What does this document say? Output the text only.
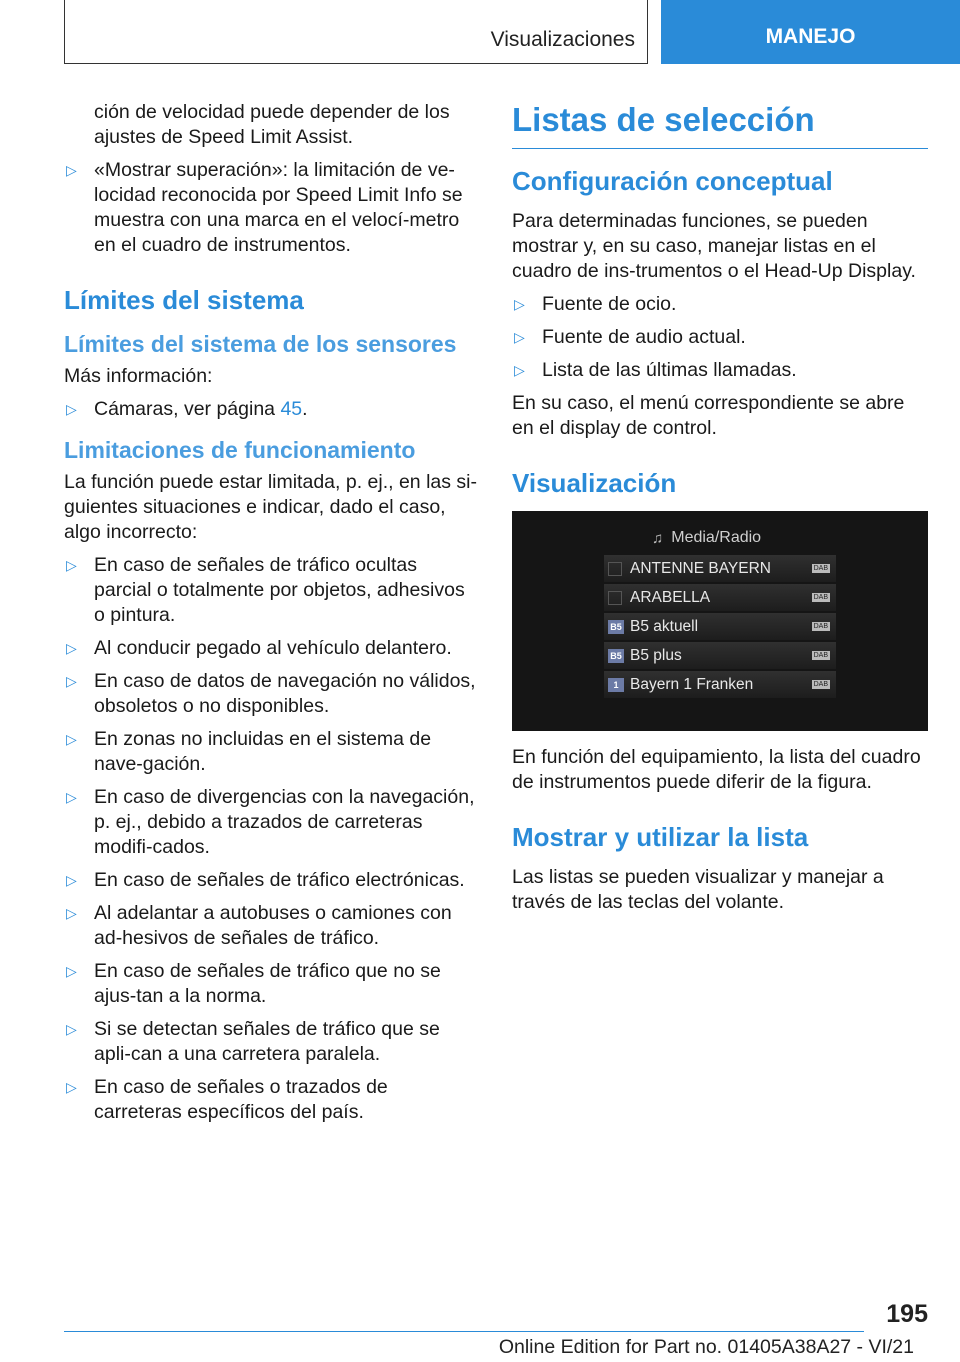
Visualizaciones	MANEJO

ción de velocidad puede depender de los ajustes de Speed Limit Assist.

▷ «Mostrar superación»: la limitación de ve-locidad reconocida por Speed Limit Info se muestra con una marca en el velocí-metro en el cuadro de instrumentos.
Límites del sistema
Límites del sistema de los sensores

Más información:

▷ Cámaras, ver página 45.
Limitaciones de funcionamiento

La función puede estar limitada, p. ej., en las si-guientes situaciones e indicar, dado el caso, algo incorrecto:

▷ En caso de señales de tráfico ocultas parcial o totalmente por objetos, adhesivos o pintura.
▷ Al conducir pegado al vehículo delantero.
▷ En caso de datos de navegación no válidos, obsoletos o no disponibles.
▷ En zonas no incluidas en el sistema de nave-gación.
▷ En caso de divergencias con la navegación, p. ej., debido a trazados de carreteras modifi-cados.
▷ En caso de señales de tráfico electrónicas.
▷ Al adelantar a autobuses o camiones con ad-hesivos de señales de tráfico.
▷ En caso de señales de tráfico que no se ajus-tan a la norma.
▷ Si se detectan señales de tráfico que se apli-can a una carretera paralela.
▷ En caso de señales o trazados de carreteras específicos del país.
Listas de selección
Configuración conceptual

Para determinadas funciones, se pueden mostrar y, en su caso, manejar listas en el cuadro de ins-trumentos o el Head-Up Display.

▷ Fuente de ocio.
▷ Fuente de audio actual.
▷ Lista de las últimas llamadas.

En su caso, el menú correspondiente se abre en el display de control.

Visualización
♫ Media/Radio
ANTENNE BAYERN	DAB
ARABELLA	DAB
B5 B5 aktuell	DAB
B5 B5 plus	DAB
1 Bayern 1 Franken	DAB

En función del equipamiento, la lista del cuadro de instrumentos puede diferir de la figura.

Mostrar y utilizar la lista

Las listas se pueden visualizar y manejar a través de las teclas del volante.

195
Online Edition for Part no. 01405A38A27 - VI/21
